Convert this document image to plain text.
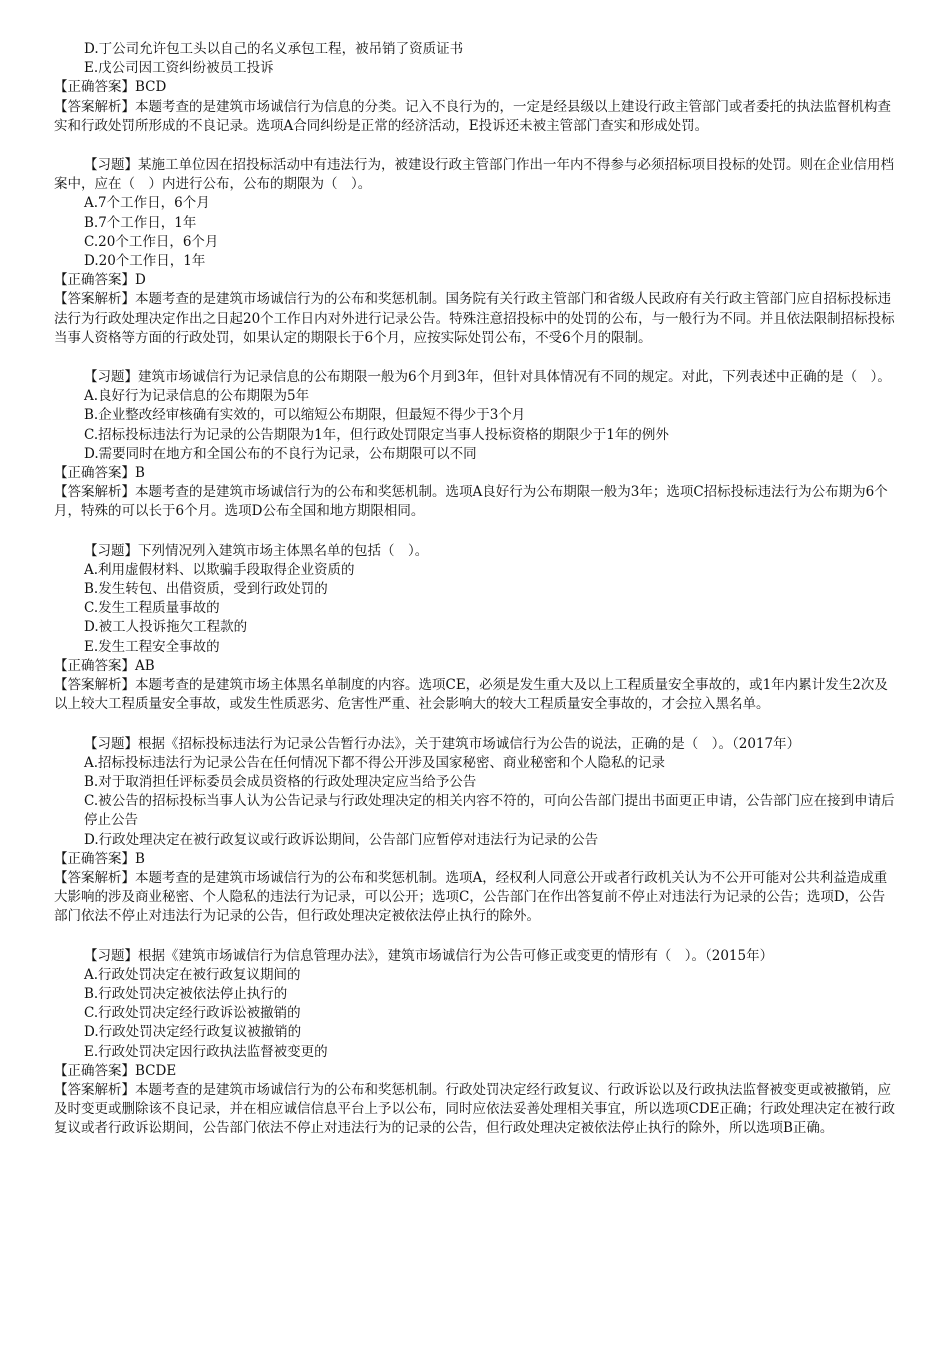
D.丁公司允许包工头以自己的名义承包工程，被吊销了资质证书

E.戊公司因工资纠纷被员工投诉

【正确答案】BCD

【答案解析】本题考查的是建筑市场诚信行为信息的分类。记入不良行为的，一定是经县级以上建设行政主管部门或者委托的执法监督机构查实和行政处罚所形成的不良记录。选项A合同纠纷是正常的经济活动，E投诉还未被主管部门查实和形成处罚。

【习题】某施工单位因在招投标活动中有违法行为，被建设行政主管部门作出一年内不得参与必须招标项目投标的处罚。则在企业信用档案中，应在（　）内进行公布，公布的期限为（　）。

A.7个工作日，6个月

B.7个工作日，1年

C.20个工作日，6个月

D.20个工作日，1年

【正确答案】D

【答案解析】本题考查的是建筑市场诚信行为的公布和奖惩机制。国务院有关行政主管部门和省级人民政府有关行政主管部门应自招标投标违法行为行政处理决定作出之日起20个工作日内对外进行记录公告。特殊注意招投标中的处罚的公布，与一般行为不同。并且依法限制招标投标当事人资格等方面的行政处罚，如果认定的期限长于6个月，应按实际处罚公布，不受6个月的限制。

【习题】建筑市场诚信行为记录信息的公布期限一般为6个月到3年，但针对具体情况有不同的规定。对此，下列表述中正确的是（　）。

A.良好行为记录信息的公布期限为5年

B.企业整改经审核确有实效的，可以缩短公布期限，但最短不得少于3个月

C.招标投标违法行为记录的公告期限为1年，但行政处罚限定当事人投标资格的期限少于1年的例外

D.需要同时在地方和全国公布的不良行为记录，公布期限可以不同

【正确答案】B

【答案解析】本题考查的是建筑市场诚信行为的公布和奖惩机制。选项A良好行为公布期限一般为3年；选项C招标投标违法行为公布期为6个月，特殊的可以长于6个月。选项D公布全国和地方期限相同。

【习题】下列情况列入建筑市场主体黑名单的包括（　）。

A.利用虚假材料、以欺骗手段取得企业资质的

B.发生转包、出借资质，受到行政处罚的

C.发生工程质量事故的

D.被工人投诉拖欠工程款的

E.发生工程安全事故的

【正确答案】AB

【答案解析】本题考查的是建筑市场主体黑名单制度的内容。选项CE，必须是发生重大及以上工程质量安全事故的，或1年内累计发生2次及以上较大工程质量安全事故，或发生性质恶劣、危害性严重、社会影响大的较大工程质量安全事故的，才会拉入黑名单。

【习题】根据《招标投标违法行为记录公告暂行办法》，关于建筑市场诚信行为公告的说法，正确的是（　）。（2017年）

A.招标投标违法行为记录公告在任何情况下都不得公开涉及国家秘密、商业秘密和个人隐私的记录

B.对于取消担任评标委员会成员资格的行政处理决定应当给予公告

C.被公告的招标投标当事人认为公告记录与行政处理决定的相关内容不符的，可向公告部门提出书面更正申请，公告部门应在接到申请后停止公告

D.行政处理决定在被行政复议或行政诉讼期间，公告部门应暂停对违法行为记录的公告

【正确答案】B

【答案解析】本题考查的是建筑市场诚信行为的公布和奖惩机制。选项A，经权利人同意公开或者行政机关认为不公开可能对公共利益造成重大影响的涉及商业秘密、个人隐私的违法行为记录，可以公开；选项C，公告部门在作出答复前不停止对违法行为记录的公告；选项D，公告部门依法不停止对违法行为记录的公告，但行政处理决定被依法停止执行的除外。

【习题】根据《建筑市场诚信行为信息管理办法》，建筑市场诚信行为公告可修正或变更的情形有（　）。（2015年）

A.行政处罚决定在被行政复议期间的

B.行政处罚决定被依法停止执行的

C.行政处罚决定经行政诉讼被撤销的

D.行政处罚决定经行政复议被撤销的

E.行政处罚决定因行政执法监督被变更的

【正确答案】BCDE

【答案解析】本题考查的是建筑市场诚信行为的公布和奖惩机制。行政处罚决定经行政复议、行政诉讼以及行政执法监督被变更或被撤销，应及时变更或删除该不良记录，并在相应诚信信息平台上予以公布，同时应依法妥善处理相关事宜，所以选项CDE正确；行政处理决定在被行政复议或者行政诉讼期间，公告部门依法不停止对违法行为的记录的公告，但行政处理决定被依法停止执行的除外，所以选项B正确。
